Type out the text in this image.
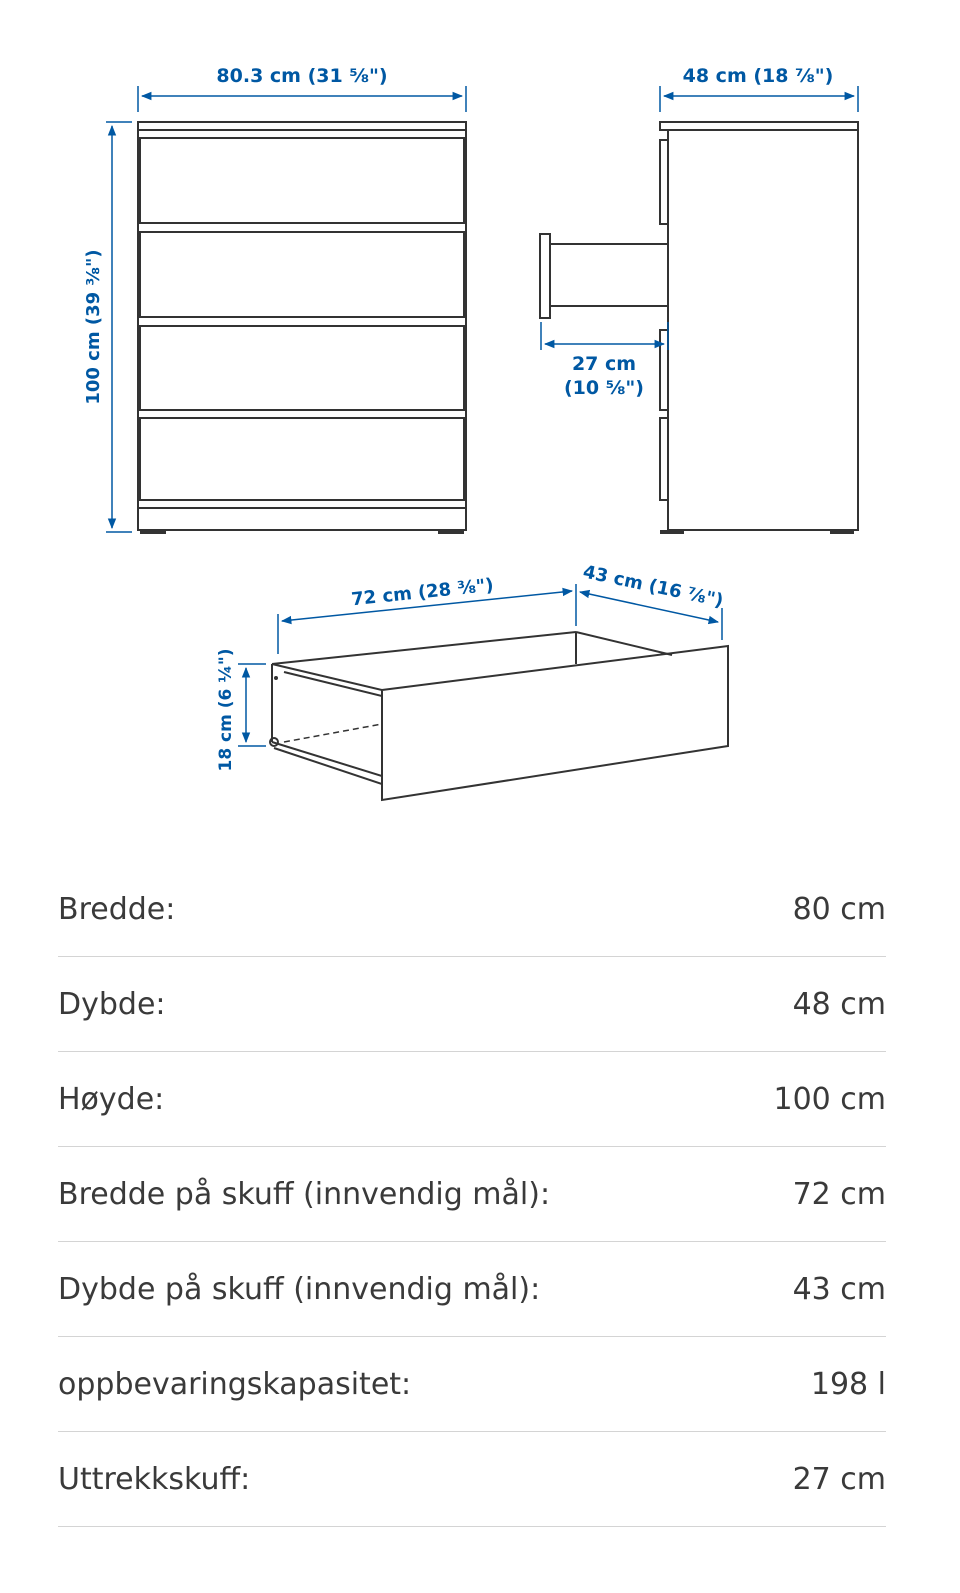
80.3 cm (31 ⅝")
100 cm (39 ⅜")
48 cm (18 ⅞")
27 cm
(10 ⅝")
72 cm (28 ⅜")	43 cm (16 ⅞")
18 cm (6 ¼")
Bredde:	80 cm
Dybde:	48 cm
Høyde:	100 cm
Bredde på skuff (innvendig mål):	72 cm
Dybde på skuff (innvendig mål):	43 cm
oppbevaringskapasitet:	198 l
Uttrekkskuff:	27 cm
